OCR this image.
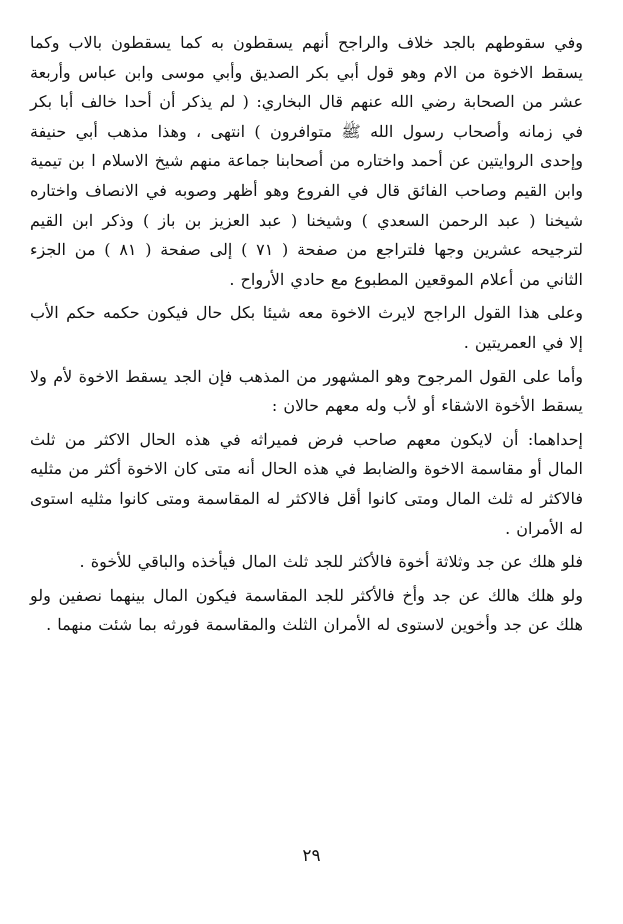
وفي سقوطهم بالجد خلاف والراجح أنهم يسقطون به كما يسقطون بالاب وكما يسقط الاخوة من الام وهو قول أبي بكر الصديق وأبي موسى وابن عباس وأربعة عشر من الصحابة رضي الله عنهم قال البخاري: ( لم يذكر أن أحدا خالف أبا بكر في زمانه وأصحاب رسول الله ﷺ متوافرون ) انتهى ، وهذا مذهب أبي حنيفة وإحدى الروايتين عن أحمد واختاره من أصحابنا جماعة منهم شيخ الاسلام ا بن تيمية وابن القيم وصاحب الفائق قال في الفروع وهو أظهر وصوبه في الانصاف واختاره شيخنا ( عبد الرحمن السعدي ) وشيخنا ( عبد العزيز بن باز ) وذكر ابن القيم لترجيحه عشرين وجها فلتراجع من صفحة ( ٧١ ) إلى صفحة ( ٨١ ) من الجزء الثاني من أعلام الموقعين المطبوع مع حادي الأرواح .

وعلى هذا القول الراجح لايرث الاخوة معه شيئا بكل حال فيكون حكمه حكم الأب إلا في العمريتين .

وأما على القول المرجوح وهو المشهور من المذهب فإن الجد يسقط الاخوة لأم ولا يسقط الأخوة الاشقاء أو لأب وله معهم حالان :

إحداهما: أن لايكون معهم صاحب فرض فميراثه في هذه الحال الاكثر من ثلث المال أو مقاسمة الاخوة والضابط في هذه الحال أنه متى كان الاخوة أكثر من مثليه فالاكثر له ثلث المال ومتى كانوا أقل فالاكثر له المقاسمة ومتى كانوا مثليه استوى له الأمران .

فلو هلك عن جد وثلاثة أخوة فالأكثر للجد ثلث المال فيأخذه والباقي للأخوة .

ولو هلك هالك عن جد وأخ فالأكثر للجد المقاسمة فيكون المال بينهما نصفين ولو هلك عن جد وأخوين لاستوى له الأمران الثلث والمقاسمة فورثه بما شئت منهما .

٢٩
